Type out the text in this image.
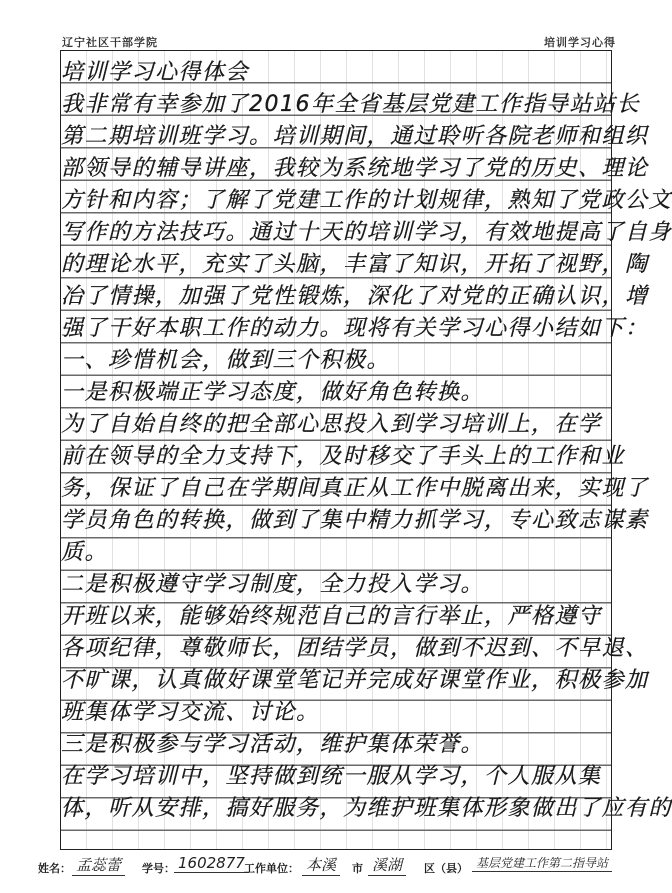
辽宁社区干部学院	培训学习心得
培训学习心得体会
我非常有幸参加了2016年全省基层党建工作指导站站长
第二期培训班学习。培训期间，通过聆听各院老师和组织
部领导的辅导讲座，我较为系统地学习了党的历史、理论
方针和内容；了解了党建工作的计划规律，熟知了党政公文
写作的方法技巧。通过十天的培训学习，有效地提高了自身
的理论水平，充实了头脑，丰富了知识，开拓了视野，陶
冶了情操，加强了党性锻炼，深化了对党的正确认识，增
强了干好本职工作的动力。现将有关学习心得小结如下：
一、珍惜机会，做到三个积极。
一是积极端正学习态度，做好角色转换。
为了自始自终的把全部心思投入到学习培训上，在学
前在领导的全力支持下，及时移交了手头上的工作和业
务，保证了自己在学期间真正从工作中脱离出来，实现了
学员角色的转换，做到了集中精力抓学习，专心致志谋素
质。
二是积极遵守学习制度，全力投入学习。
开班以来，能够始终规范自己的言行举止，严格遵守
各项纪律，尊敬师长，团结学员，做到不迟到、不早退、
不旷课，认真做好课堂笔记并完成好课堂作业，积极参加
班集体学习交流、讨论。
三是积极参与学习活动，维护集体荣誉。
在学习培训中，坚持做到统一服从学习，个人服从集
体，听从安排，搞好服务，为维护班集体形象做出了应有的
姓名： 孟蕊蕾	学号： 1602877 工作单位： 本溪	市 溪湖	区（县） 基层党建工作第二指导站
